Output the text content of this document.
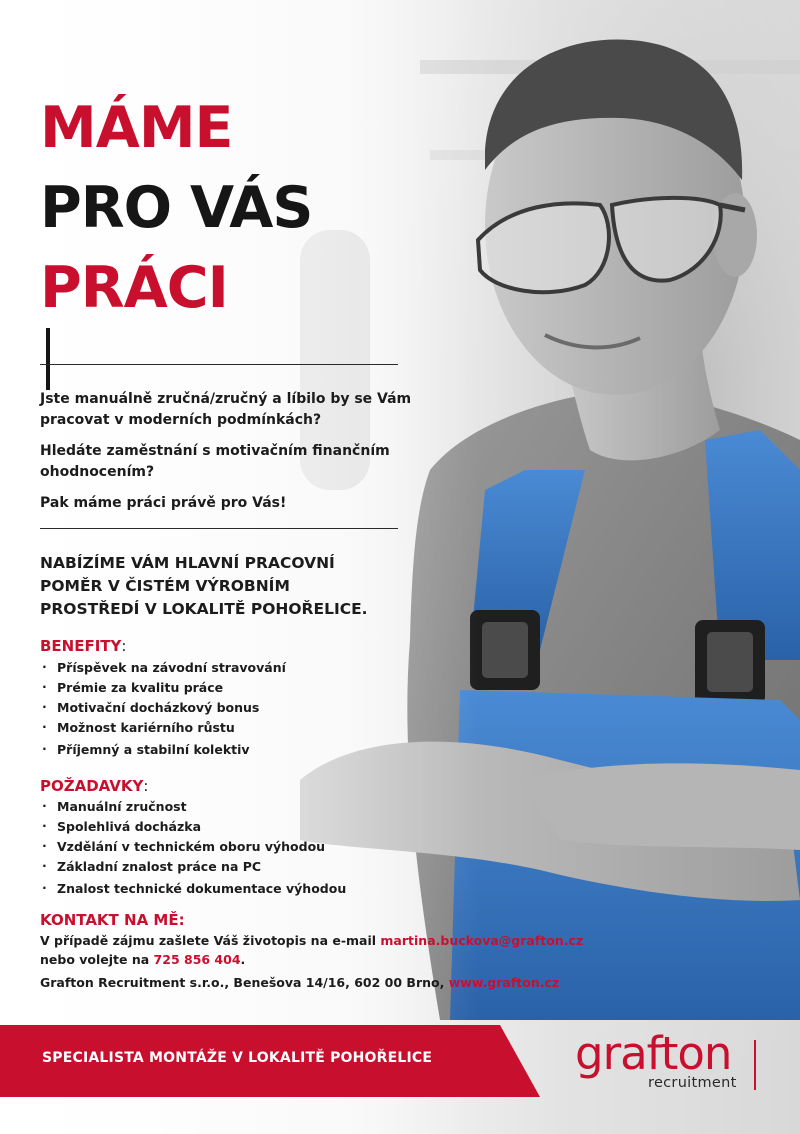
MÁME
PRO VÁS
PRÁCI

Jste manuálně zručná/zručný a líbilo by se Vám
pracovat v moderních podmínkách?

Hledáte zaměstnání s motivačním finančním
ohodnocením?

Pak máme práci právě pro Vás!

NABÍZÍME VÁM HLAVNÍ PRACOVNÍ
POMĚR V ČISTÉM VÝROBNÍM
PROSTŘEDÍ V LOKALITĚ POHOŘELICE.
BENEFITY:
· Příspěvek na závodní stravování
· Prémie za kvalitu práce
· Motivační docházkový bonus
· Možnost kariérního růstu
· Příjemný a stabilní kolektiv
POŽADAVKY:
· Manuální zručnost
· Spolehlivá docházka
· Vzdělání v technickém oboru výhodou
· Základní znalost práce na PC
· Znalost technické dokumentace výhodou
KONTAKT NA MĚ:
V případě zájmu zašlete Váš životopis na e-mail martina.buckova@grafton.cz
nebo volejte na 725 856 404.
Grafton Recruitment s.r.o., Benešova 14/16, 602 00 Brno, www.grafton.cz
SPECIALISTA MONTÁŽE V LOKALITĚ POHOŘELICE	grafton
recruitment
